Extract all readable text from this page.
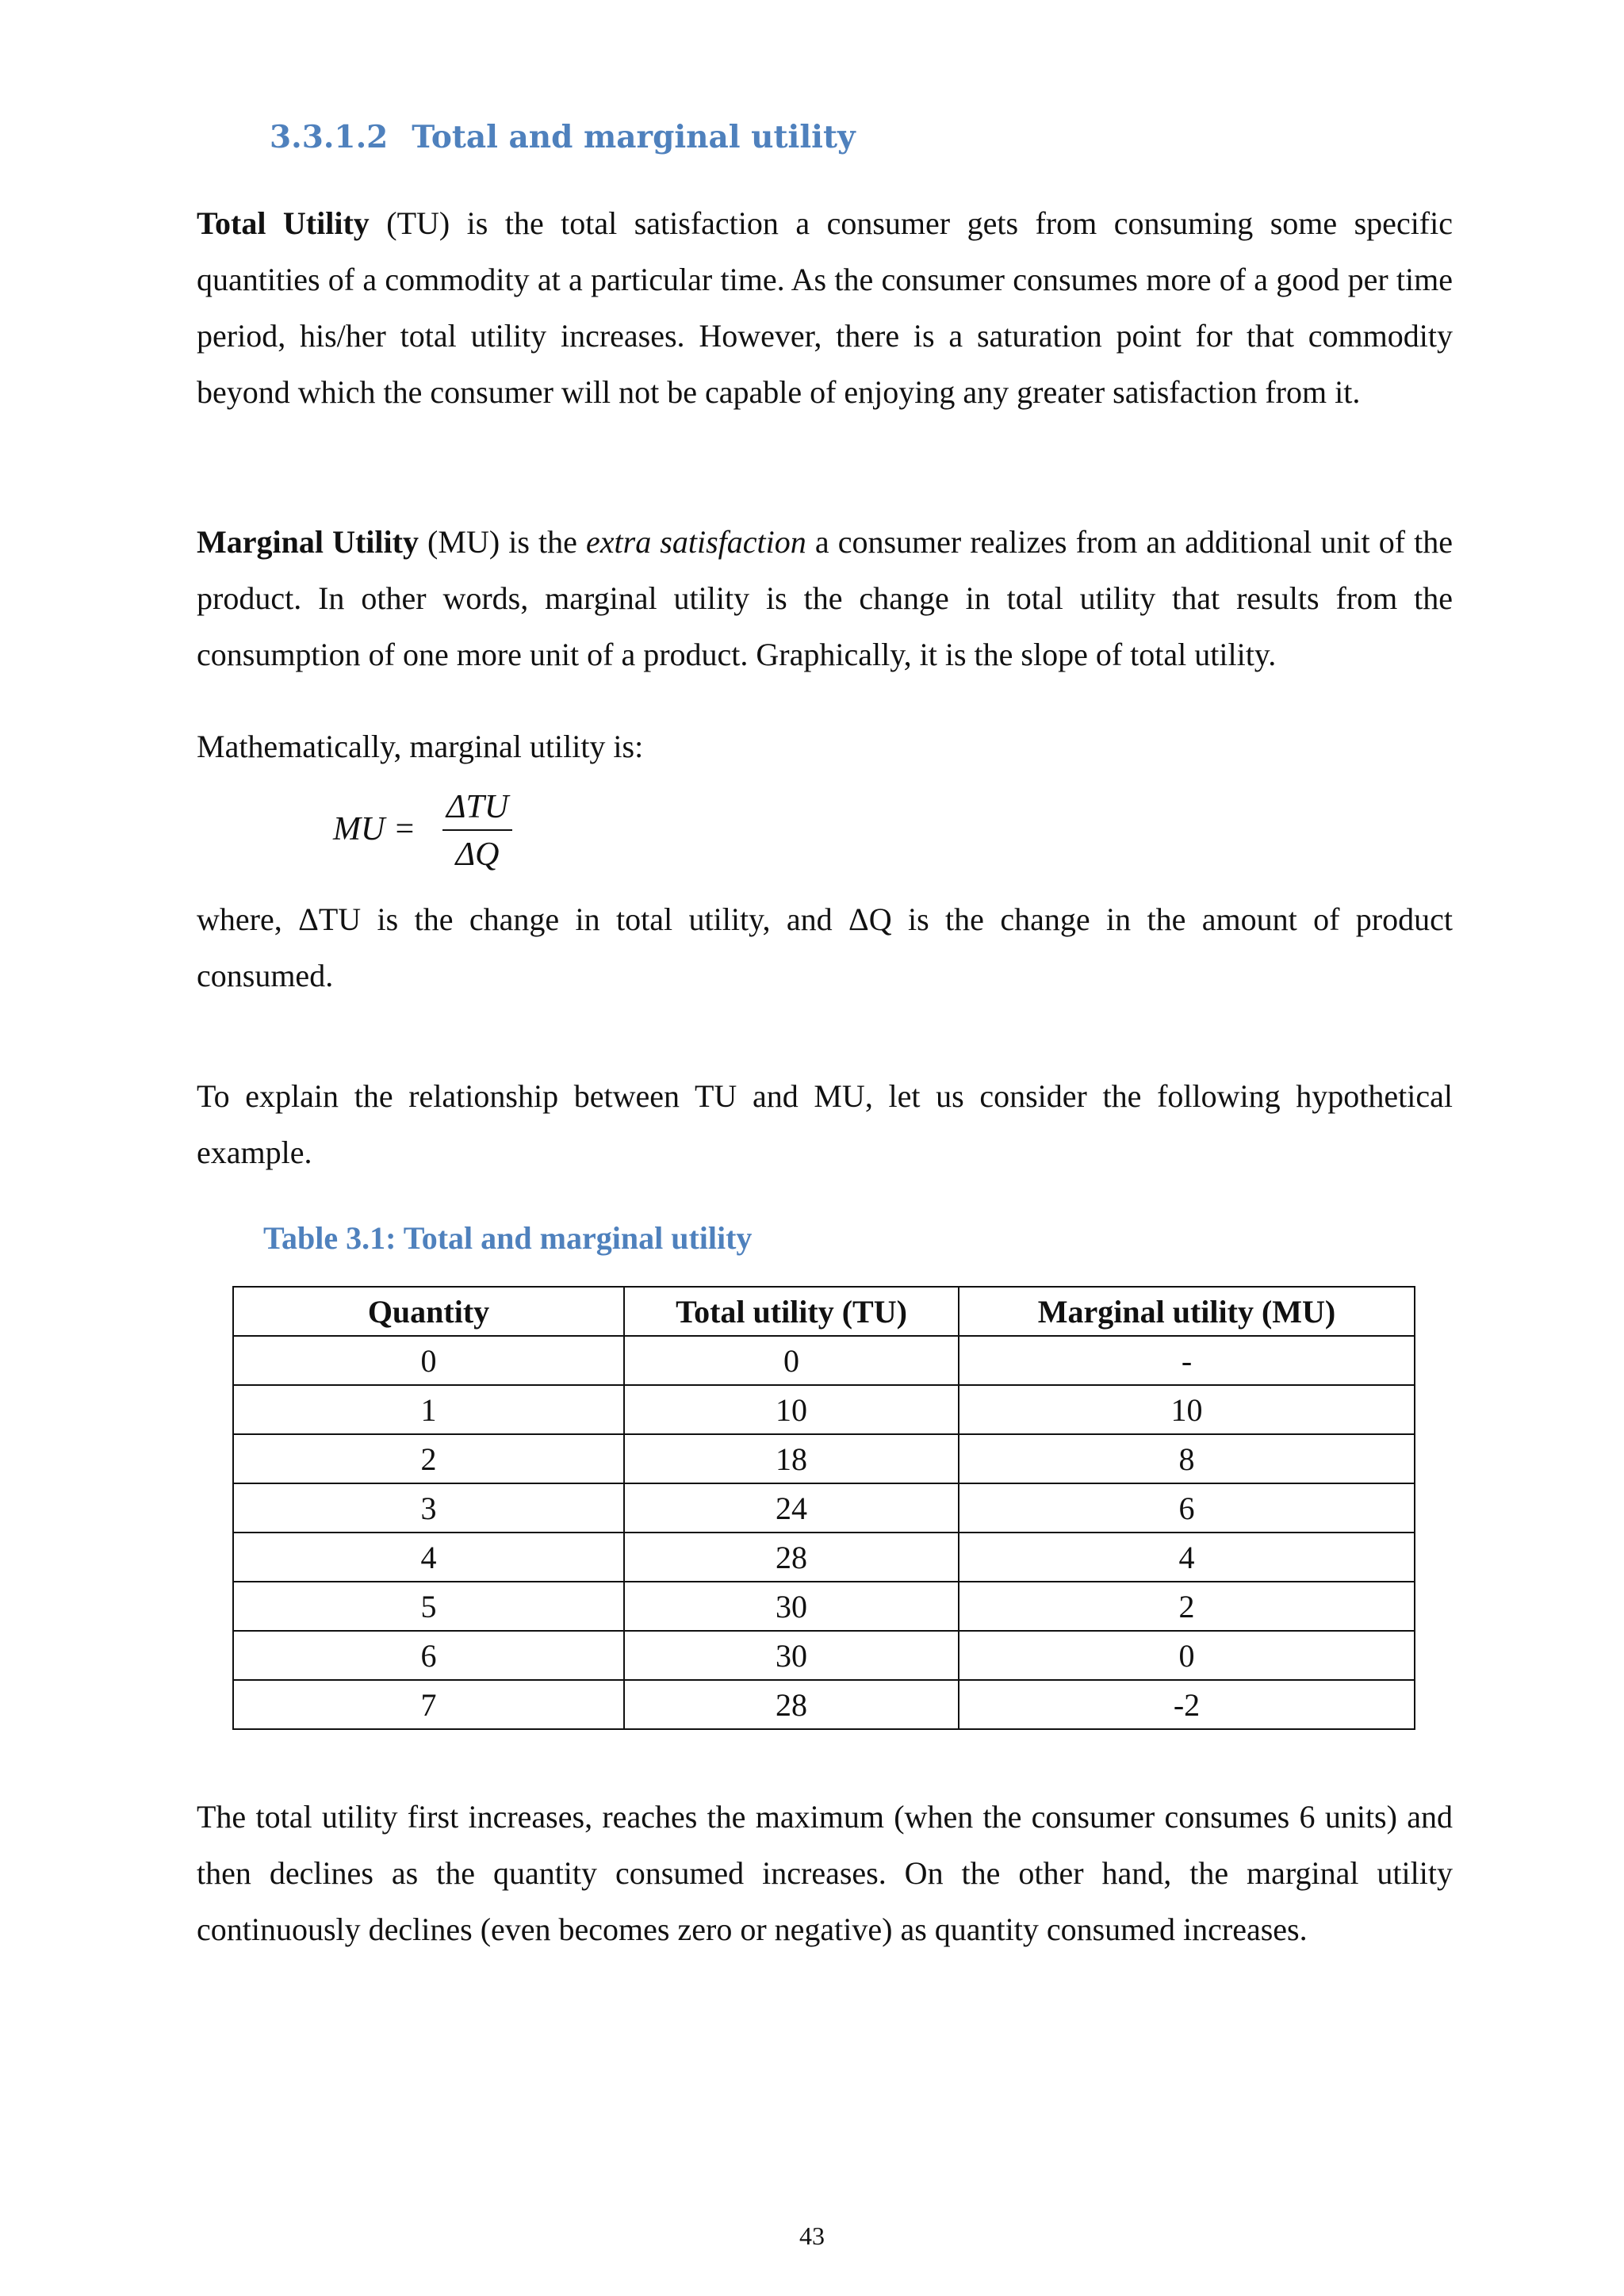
3.3.1.2 Total and marginal utility

Total Utility (TU) is the total satisfaction a consumer gets from consuming some specific quantities of a commodity at a particular time. As the consumer consumes more of a good per time period, his/her total utility increases. However, there is a saturation point for that commodity beyond which the consumer will not be capable of enjoying any greater satisfaction from it.

Marginal Utility (MU) is the extra satisfaction a consumer realizes from an additional unit of the product. In other words, marginal utility is the change in total utility that results from the consumption of one more unit of a product. Graphically, it is the slope of total utility.

Mathematically, marginal utility is:

MU =
ΔTU
ΔQ

where, ΔTU is the change in total utility, and ΔQ is the change in the amount of product consumed.

To explain the relationship between TU and MU, let us consider the following hypothetical example.

Table 3.1: Total and marginal utility
Quantity	Total utility (TU)	Marginal utility (MU)
0	0	-
1	10	10
2	18	8
3	24	6
4	28	4
5	30	2
6	30	0
7	28	-2

The total utility first increases, reaches the maximum (when the consumer consumes 6 units) and then declines as the quantity consumed increases. On the other hand, the marginal utility continuously declines (even becomes zero or negative) as quantity consumed increases.

43
